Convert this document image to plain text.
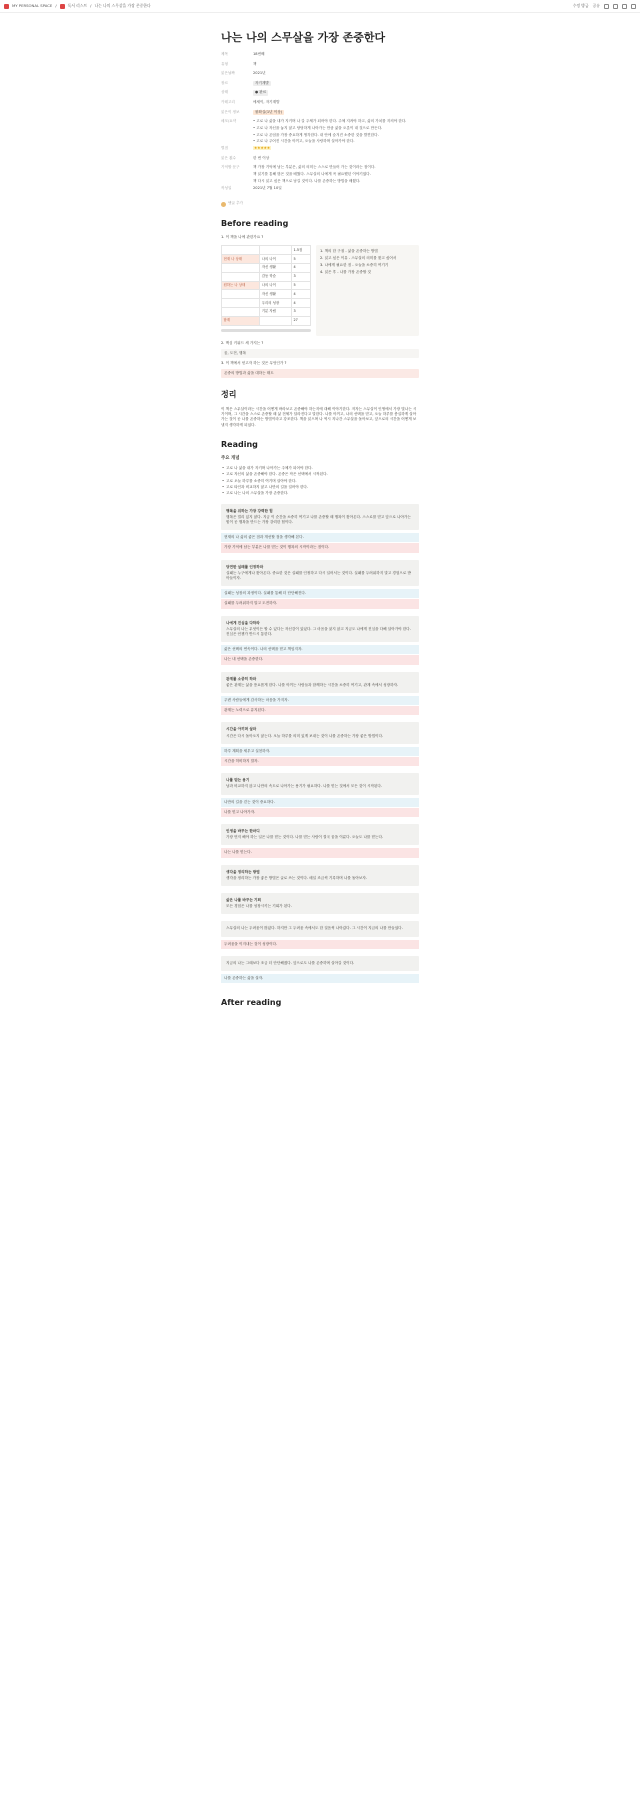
MY PERSONAL SPACE /	독서 리스트 / 나는 나의 스무살을 가장 존중한다	수정 방금 공유
나는 나의 스무살을 가장 존중한다
제목	18번째
유형	책
읽은날짜	2021년
장르	자기계발
상태	● 완료
카테고리	에세이, 자기계발
읽은이 정보	불확실(1년 이상)
메모/요약	• 고로 나 삶을 내가 지키며 나 갈 주체가 되어야 한다. 주체 지켜야 하고, 삶의 가치를 지켜야 한다.
• 고로 나 자신을 놓지 않고 당당하게 나아가는 만큼 삶을 오롯이 내 것으로 만든다.
• 고로 나 존엄을 가장 중요하게 생각한다. 내 안에 숨겨진 소중한 것을 발견한다.
• 고로 나 주어진 시간을 아끼고, 오늘을 사랑하며 살아가야 한다.
별점	★★★★★
읽은 횟수	한 번 이상
기억할 문구	책 가장 기억에 남는 부분은, 삶의 의미는 스스로 만들어 가는 것이라는 점이다.
책 읽기를 통해 많은 것을 배웠다. 스무살의 나에게 꼭 필요했던 이야기였다.
책 다시 읽고 싶은 책으로 남길 것이다. 나를 존중하는 방법을 배웠다.
작성일	2021년 7월 10일
댓글 추가
Before reading
1. 이 책을 나에 관한가요 ?
		1-5점
현재 나 상태	나의 나이	5
	자신 생활	4
	감동 학습	3
원하는 나 상태	나의 나이	5
	자신 생활	4
	우리의 성장	4
	기분 자립	3
합계		27
1. 책의 한 구절 - 삶을 존중하는 방법
2. 읽고 싶은 이유 - 스무살의 의미를 찾고 싶어서
3. 나에게 필요한 점 - 오늘을 소중히 여기기
4. 읽은 후 - 나를 가장 존중할 것
2. 핵심 키워드 세 가지는 ?
꿈, 도전, 행복
3. 이 책에서 얻고자 하는 것은 무엇인가 ?
존중의 방법과 삶을 대하는 태도
정리
이 책은 스무살이라는 시간을 어떻게 바라보고 존중해야 하는지에 대해 이야기한다. 저자는 스무살이 인생에서 가장 빛나는 시기이며, 그 시간을 스스로 존중할 때 삶 전체가 달라진다고 말한다. 나를 아끼고, 나의 선택을 믿고, 오늘 하루를 충실하게 살아가는 것이 곧 나를 존중하는 방법이라고 강조한다. 책을 읽으며 나 역시 지나간 스무살을 돌아보고, 앞으로의 시간을 어떻게 보낼지 생각하게 되었다.
Reading
주요 개념
• 고로 나 삶을 내가 지키며 나아가는 주체가 되어야 한다.
• 고로 자신의 삶을 존중해야 한다. 존중은 작은 선택에서 시작된다.
• 고로 오늘 하루를 소중히 여기며 살아야 한다.
• 고로 타인과 비교하지 않고 나만의 길을 걸어야 한다.
• 고로 나는 나의 스무살을 가장 존중한다.
행복을 위하는 가장 강력한 힘
행복은 멀리 있지 않다. 지금 이 순간을 소중히 여기고 나를 존중할 때 행복이 찾아온다. 스스로를 믿고 앞으로 나아가는 힘이 곧 행복을 만드는 가장 강력한 힘이다.
현재의 나 삶의 좋은 점과 개선할 점을 생각해 본다.
가장 기억에 남는 부분은 나를 믿는 것이 행복의 시작이라는 점이다.
당연한 실패를 인정하라
실패는 누구에게나 찾아온다. 중요한 것은 실패를 인정하고 다시 일어서는 것이다. 실패를 두려워하지 말고 경험으로 받아들이자.
실패는 성장의 과정이다. 실패를 통해 더 단단해진다.
실패를 두려워하지 말고 도전하자.
나에게 진심을 다하라
스무살의 나는 무엇이든 할 수 있다는 자신감이 있었다. 그 마음을 잃지 않고 지금도 나에게 진심을 다해 살아가야 한다. 진심은 언젠가 반드시 통한다.
삶은 선택의 연속이다. 나의 선택을 믿고 책임지자.
나는 내 선택을 존중한다.
관계를 소중히 하라
좋은 관계는 삶을 풍요롭게 한다. 나를 아끼는 사람들과 함께하는 시간을 소중히 여기고, 관계 속에서 성장하자.
주변 사람들에게 감사하는 마음을 가지자.
관계는 노력으로 유지된다.
시간을 아끼며 살라
시간은 다시 돌아오지 않는다. 오늘 하루를 의미 있게 보내는 것이 나를 존중하는 가장 좋은 방법이다.
하루 계획을 세우고 실천하자.
시간을 허비하지 말자.
나를 믿는 용기
남과 비교하지 않고 나만의 속도로 나아가는 용기가 필요하다. 나를 믿는 것에서 모든 것이 시작된다.
나만의 길을 걷는 것이 중요하다.
나를 믿고 나아가자.
인생을 바꾸는 한마디
가장 먼저 해야 하는 일은 나를 믿는 것이다. 나를 믿는 사람이 결국 꿈을 이룬다. 오늘도 나를 믿는다.
나는 나를 믿는다.
생각을 정리하는 방법
생각을 정리하는 가장 좋은 방법은 글로 쓰는 것이다. 매일 조금씩 기록하며 나를 돌아보자.
삶은 나를 바꾸는 기회
모든 경험은 나를 성장시키는 기회가 된다.
스무살의 나는 두려움이 많았다. 하지만 그 두려움 속에서도 한 걸음씩 나아갔다. 그 시간이 지금의 나를 만들었다.
두려움을 이겨내는 것이 성장이다.
지금의 나는 그때보다 조금 더 단단해졌다. 앞으로도 나를 존중하며 살아갈 것이다.
나를 존중하는 삶을 살자.
After reading
